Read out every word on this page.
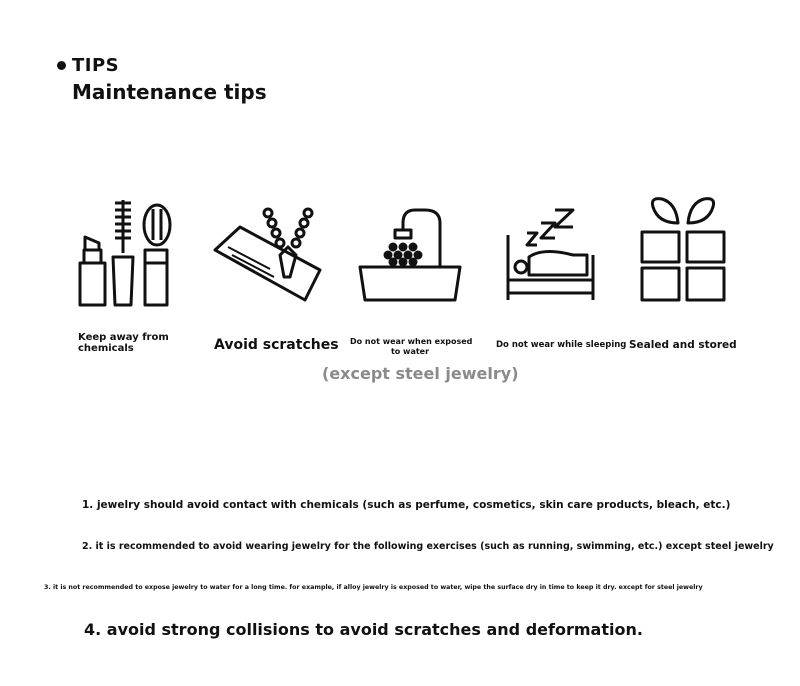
TIPS
Maintenance tips
Keep away from
chemicals	Avoid scratches Do not wear when exposed
to water
Do not wear while sleeping Sealed and stored
(except steel jewelry)
1. jewelry should avoid contact with chemicals (such as perfume, cosmetics, skin care products, bleach, etc.)
2. it is recommended to avoid wearing jewelry for the following exercises (such as running, swimming, etc.) except steel jewelry
3. it is not recommended to expose jewelry to water for a long time. for example, if alloy jewelry is exposed to water, wipe the surface dry in time to keep it dry. except for steel jewelry
4. avoid strong collisions to avoid scratches and deformation.
